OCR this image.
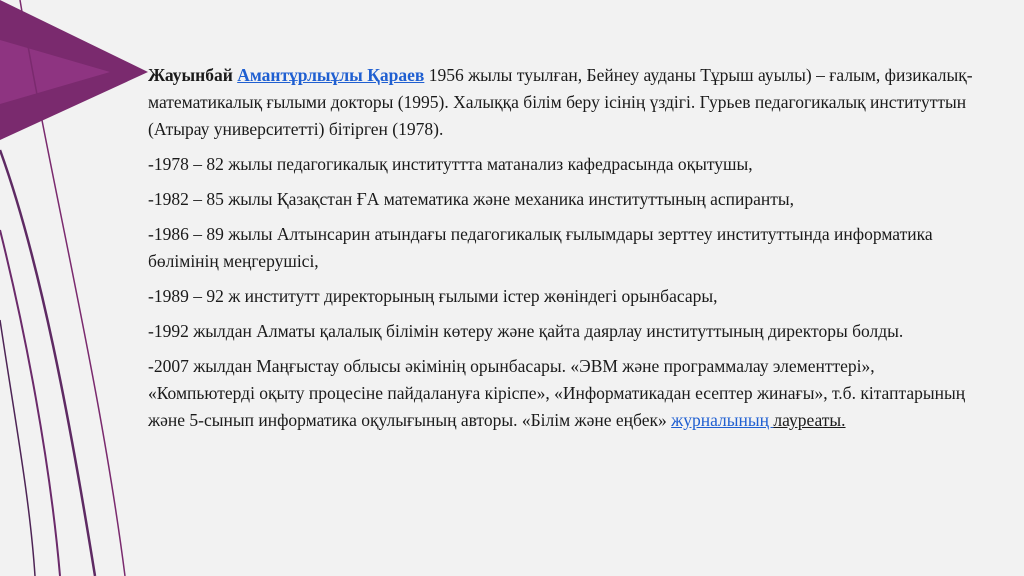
Жауынбай Амантұрлыұлы Қараев 1956 жылы туылған, Бейнеу ауданы Тұрыш ауылы) – ғалым, физикалық-математикалық ғылыми докторы (1995). Халыққа білім беру ісінің үздігі. Гурьев педагогикалық институттын (Атырау университетті) бітірген (1978).

-1978 – 82 жылы педагогикалық институттта матанализ кафедрасында оқытушы,

-1982 – 85 жылы Қазақстан ҒА математика және механика институттының аспиранты,

-1986 – 89 жылы Алтынсарин атындағы педагогикалық ғылымдары зерттеу институттында информатика бөлімінің меңгерушісі,

-1989 – 92 ж институтт директорының ғылыми істер жөніндегі орынбасары,

-1992 жылдан Алматы қалалық білімін көтеру және қайта даярлау институттының директоры болды.

-2007 жылдан Маңғыстау облысы әкімінің орынбасары. «ЭВМ және программалау элементтері», «Компьютерді оқыту процесіне пайдалануға кіріспе», «Информатикадан есептер жинағы», т.б. кітаптарының және 5-сынып информатика оқулығының авторы. «Білім және еңбек» журналының лауреаты.
